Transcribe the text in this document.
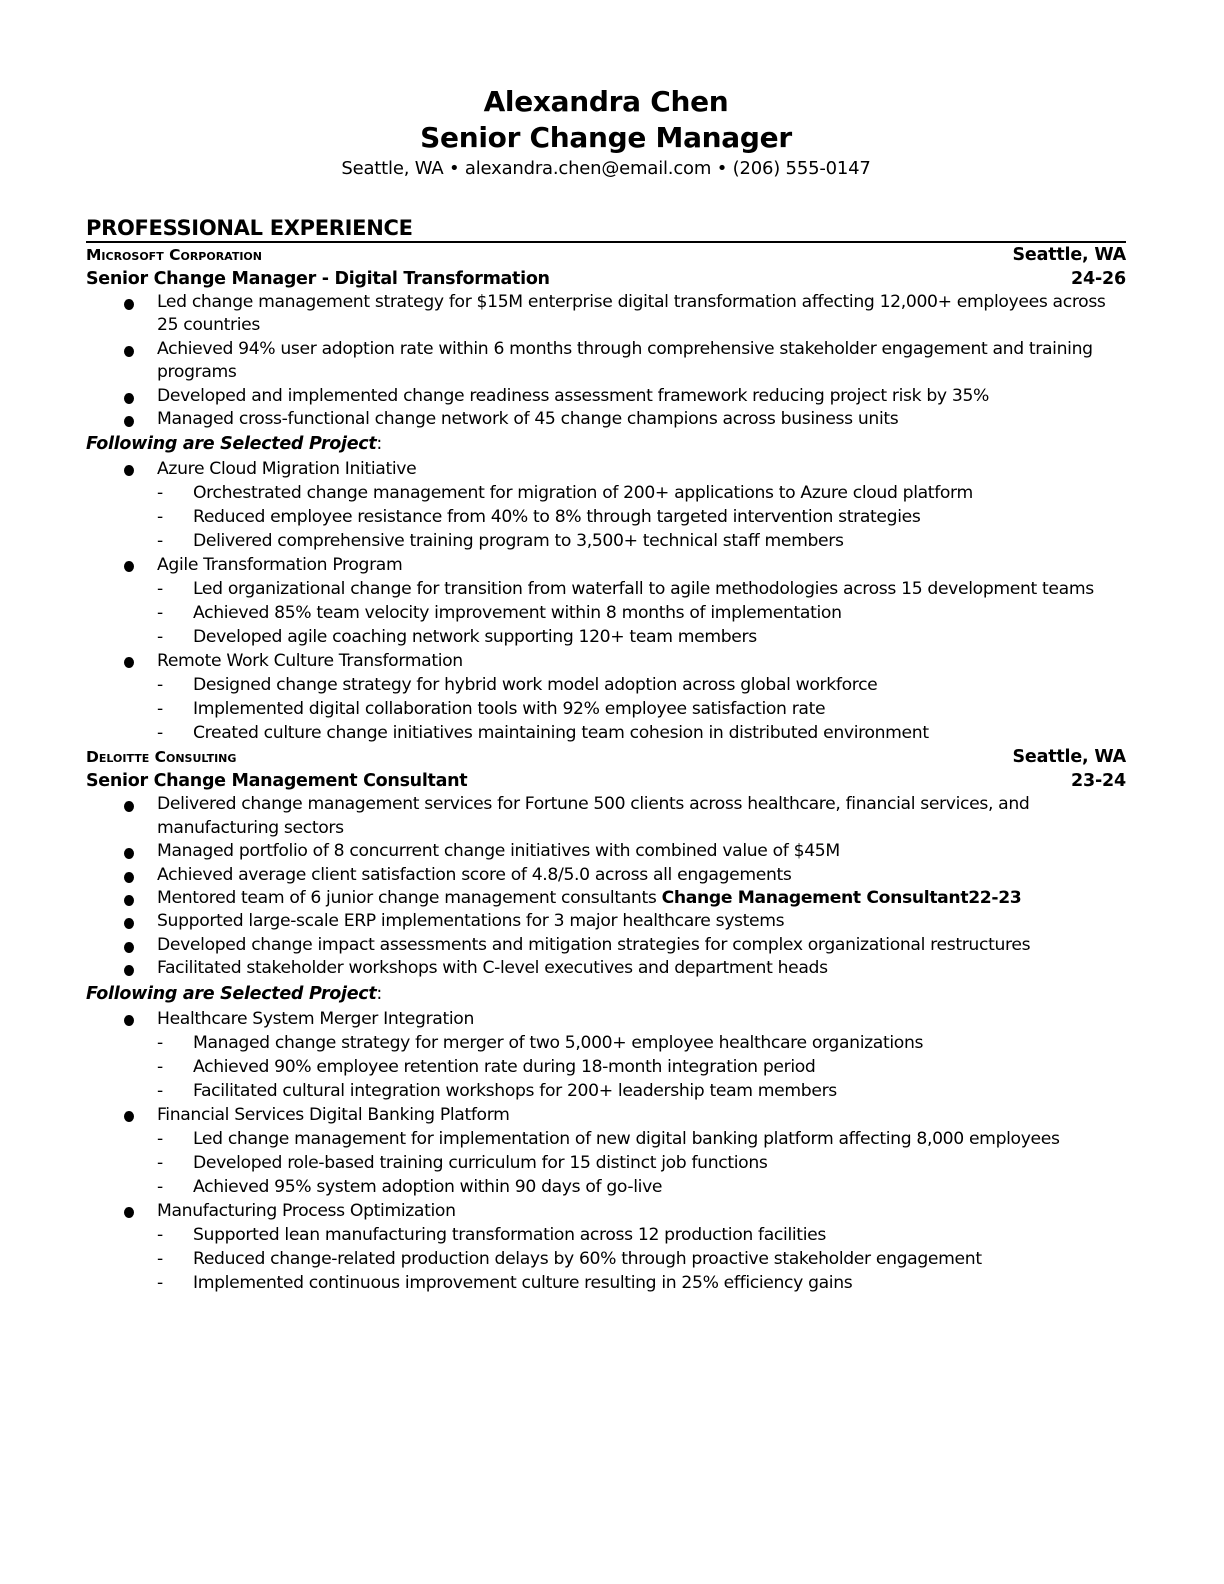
Alexandra Chen
Senior Change Manager
Seattle, WA • alexandra.chen@email.com • (206) 555-0147
PROFESSIONAL EXPERIENCE
Microsoft Corporation	Seattle, WA
Senior Change Manager - Digital Transformation	24-26
Led change management strategy for $15M enterprise digital transformation affecting 12,000+ employees across 25 countries
Achieved 94% user adoption rate within 6 months through comprehensive stakeholder engagement and training programs
Developed and implemented change readiness assessment framework reducing project risk by 35%
Managed cross-functional change network of 45 change champions across business units
Following are Selected Project:
Azure Cloud Migration Initiative
- Orchestrated change management for migration of 200+ applications to Azure cloud platform
- Reduced employee resistance from 40% to 8% through targeted intervention strategies
- Delivered comprehensive training program to 3,500+ technical staff members
Agile Transformation Program
- Led organizational change for transition from waterfall to agile methodologies across 15 development teams
- Achieved 85% team velocity improvement within 8 months of implementation
- Developed agile coaching network supporting 120+ team members
Remote Work Culture Transformation
- Designed change strategy for hybrid work model adoption across global workforce
- Implemented digital collaboration tools with 92% employee satisfaction rate
- Created culture change initiatives maintaining team cohesion in distributed environment
Deloitte Consulting	Seattle, WA
Senior Change Management Consultant	23-24
Delivered change management services for Fortune 500 clients across healthcare, financial services, and manufacturing sectors
Managed portfolio of 8 concurrent change initiatives with combined value of $45M
Achieved average client satisfaction score of 4.8/5.0 across all engagements
Mentored team of 6 junior change management consultants Change Management Consultant22-23
Supported large-scale ERP implementations for 3 major healthcare systems
Developed change impact assessments and mitigation strategies for complex organizational restructures
Facilitated stakeholder workshops with C-level executives and department heads
Following are Selected Project:
Healthcare System Merger Integration
- Managed change strategy for merger of two 5,000+ employee healthcare organizations
- Achieved 90% employee retention rate during 18-month integration period
- Facilitated cultural integration workshops for 200+ leadership team members
Financial Services Digital Banking Platform
- Led change management for implementation of new digital banking platform affecting 8,000 employees
- Developed role-based training curriculum for 15 distinct job functions
- Achieved 95% system adoption within 90 days of go-live
Manufacturing Process Optimization
- Supported lean manufacturing transformation across 12 production facilities
- Reduced change-related production delays by 60% through proactive stakeholder engagement
- Implemented continuous improvement culture resulting in 25% efficiency gains
